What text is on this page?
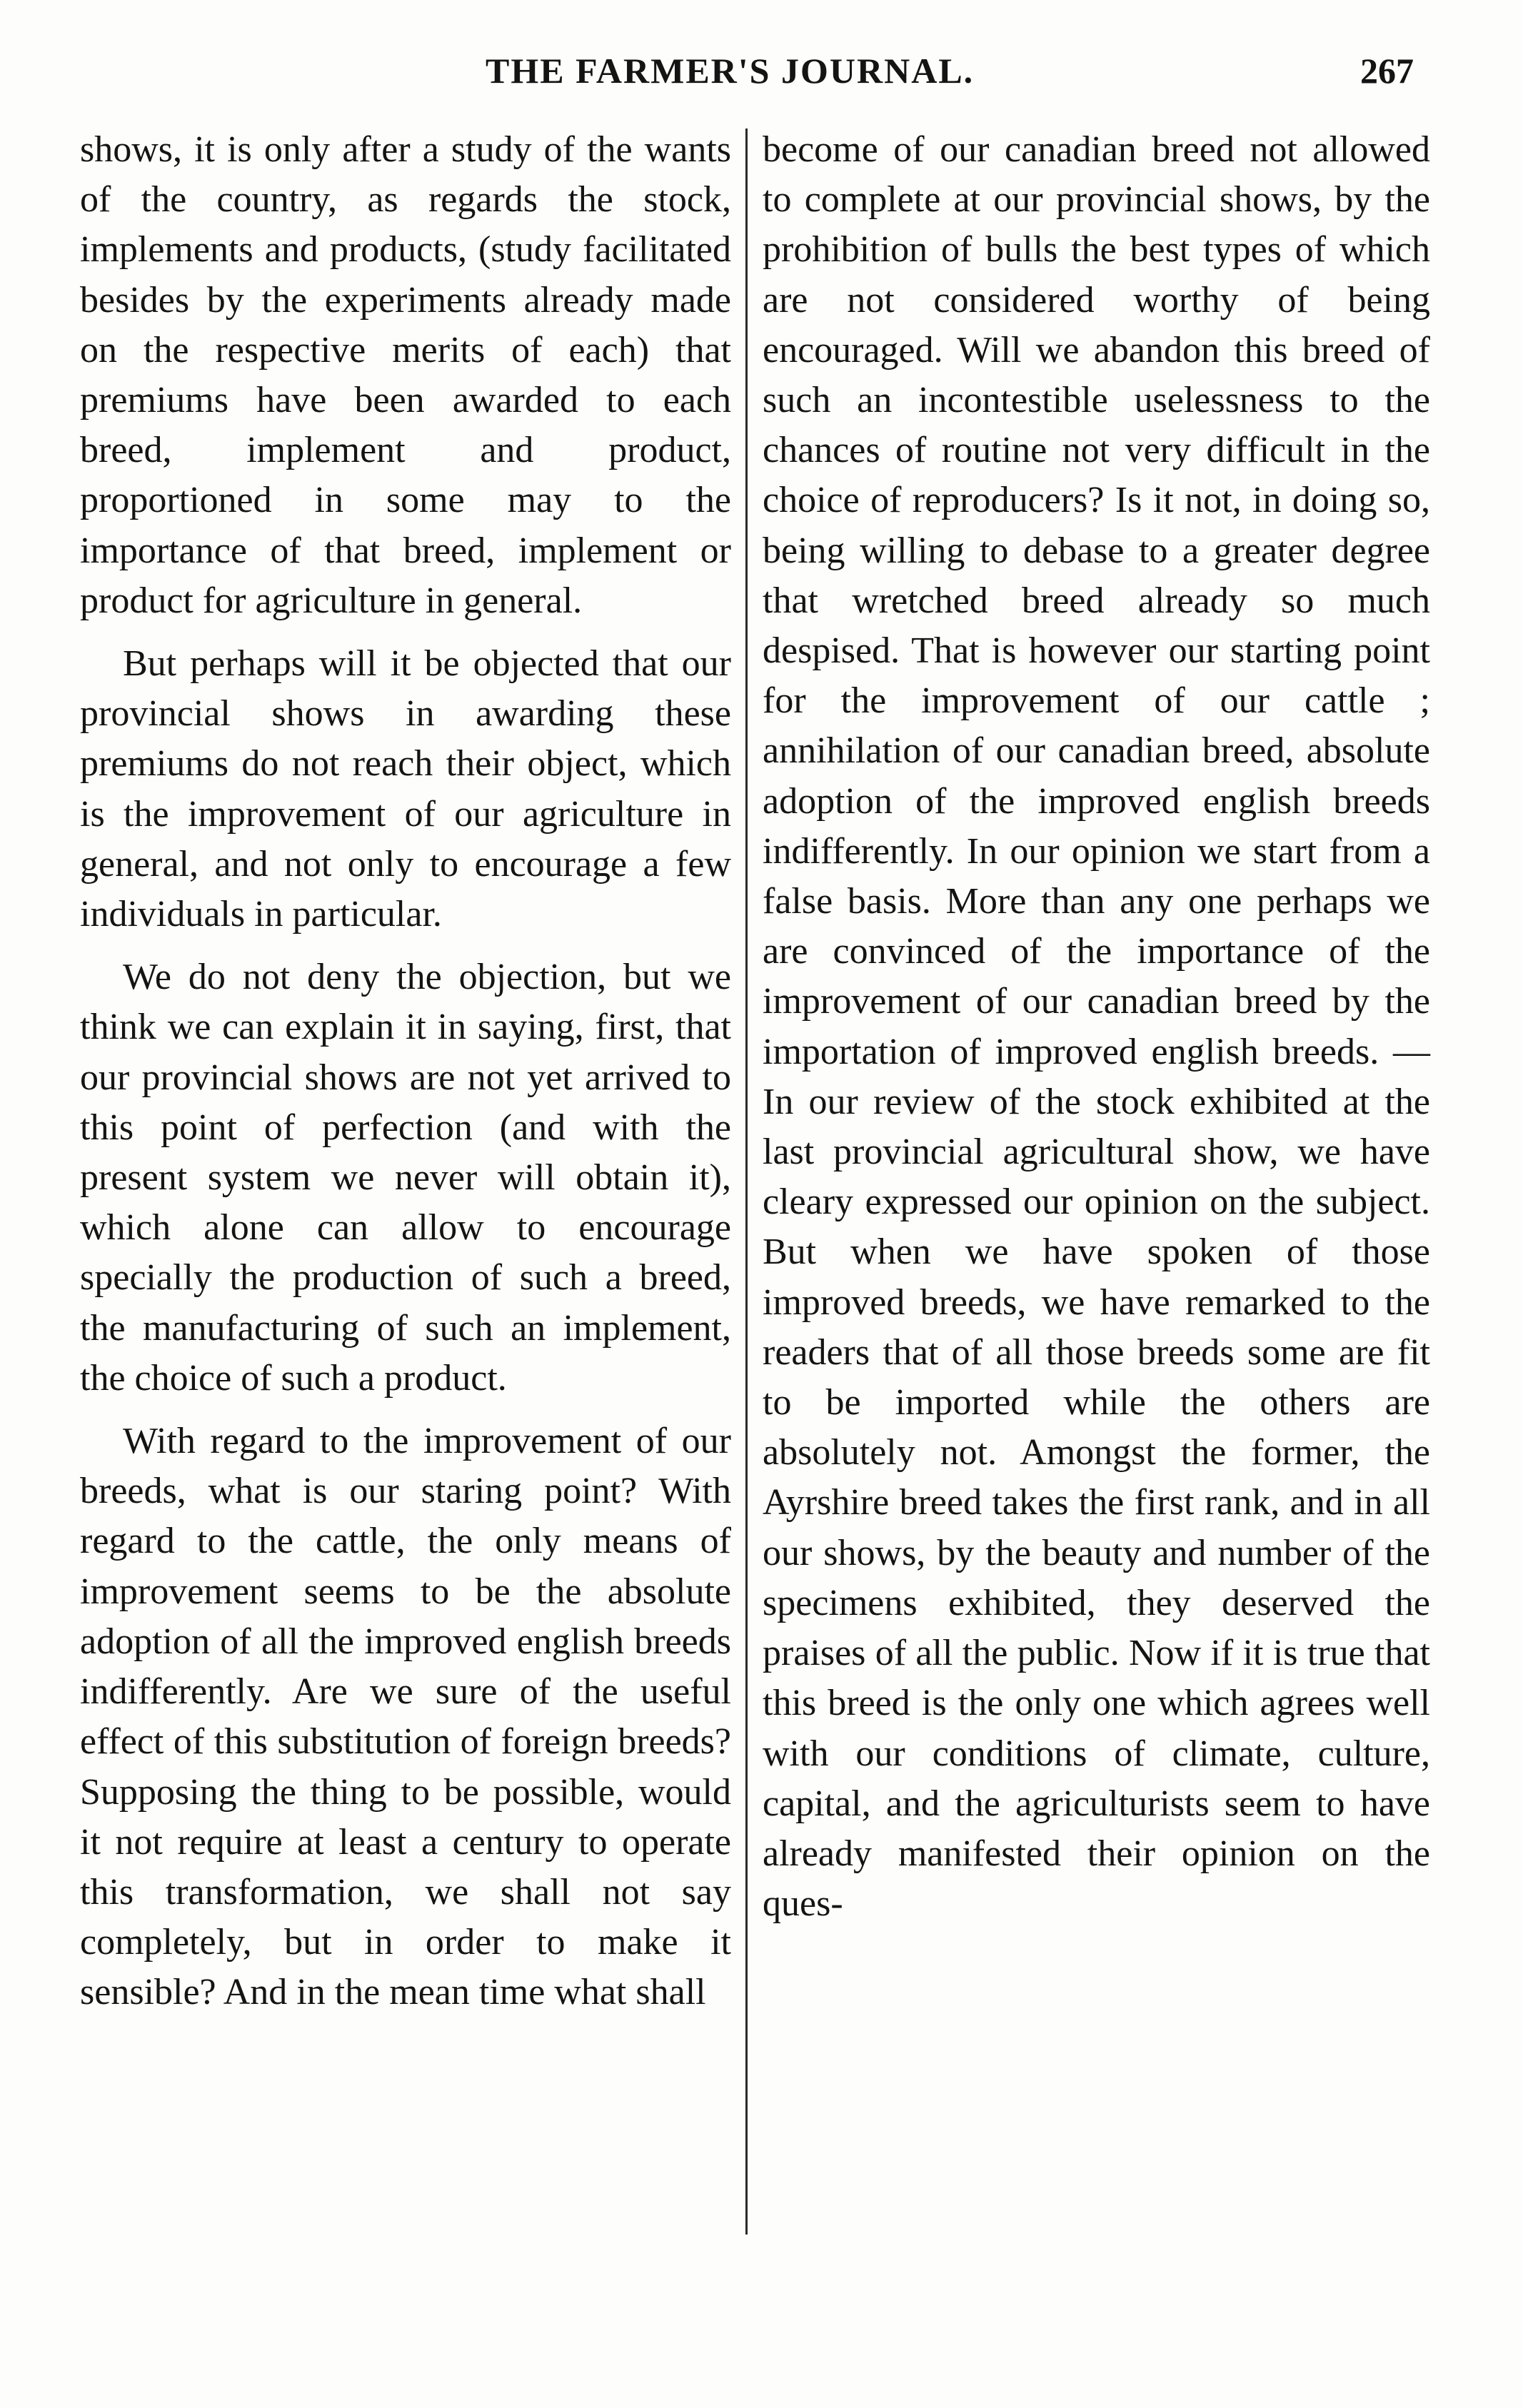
THE FARMER'S JOURNAL.	267

shows, it is only after a study of the wants of the country, as regards the stock, implements and products, (study facilitated besides by the experiments already made on the respective merits of each) that premiums have been awarded to each breed, implement and product, proportioned in some may to the importance of that breed, implement or product for agriculture in general.

But perhaps will it be objected that our provincial shows in awarding these premiums do not reach their object, which is the improvement of our agriculture in general, and not only to encourage a few individuals in particular.

We do not deny the objection, but we think we can explain it in saying, first, that our provincial shows are not yet arrived to this point of perfection (and with the present system we never will obtain it), which alone can allow to encourage specially the production of such a breed, the manufacturing of such an implement, the choice of such a product.

With regard to the improvement of our breeds, what is our staring point? With regard to the cattle, the only means of improvement seems to be the absolute adoption of all the improved english breeds indifferently. Are we sure of the useful effect of this substitution of foreign breeds? Supposing the thing to be possible, would it not require at least a century to operate this transformation, we shall not say completely, but in order to make it sensible? And in the mean time what shall

become of our canadian breed not allowed to complete at our provincial shows, by the prohibition of bulls the best types of which are not considered worthy of being encouraged. Will we abandon this breed of such an incontestible uselessness to the chances of routine not very difficult in the choice of reproducers? Is it not, in doing so, being willing to debase to a greater degree that wretched breed already so much despised. That is however our starting point for the improvement of our cattle ; annihilation of our canadian breed, absolute adoption of the improved english breeds indifferently. In our opinion we start from a false basis. More than any one perhaps we are convinced of the importance of the improvement of our canadian breed by the importation of improved english breeds. — In our review of the stock exhibited at the last provincial agricultural show, we have cleary expressed our opinion on the subject. But when we have spoken of those improved breeds, we have remarked to the readers that of all those breeds some are fit to be imported while the others are absolutely not. Amongst the former, the Ayrshire breed takes the first rank, and in all our shows, by the beauty and number of the specimens exhibited, they deserved the praises of all the public. Now if it is true that this breed is the only one which agrees well with our conditions of climate, culture, capital, and the agriculturists seem to have already manifested their opinion on the ques-
